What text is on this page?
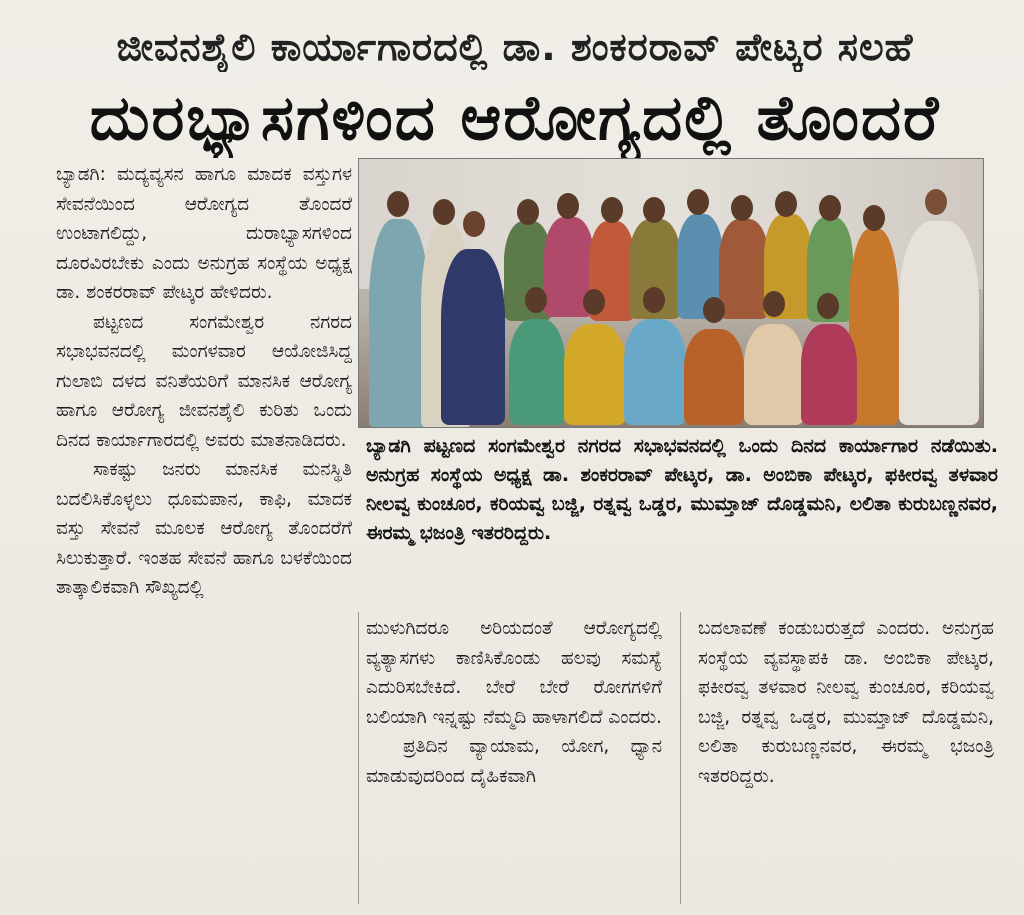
ಜೀವನಶೈಲಿ ಕಾರ್ಯಾಗಾರದಲ್ಲಿ ಡಾ. ಶಂಕರರಾವ್ ಪೇಟ್ಕರ ಸಲಹೆ
ದುರಭ್ಯಾಸಗಳಿಂದ ಆರೋಗ್ಯದಲ್ಲಿ ತೊಂದರೆ

ಬ್ಯಾಡಗಿ: ಮದ್ಯವ್ಯಸನ ಹಾಗೂ ಮಾದಕ ವಸ್ತುಗಳ ಸೇವನೆಯಿಂದ ಆರೋಗ್ಯದ ತೊಂದರೆ ಉಂಟಾಗಲಿದ್ದು, ದುರಾಭ್ಯಾಸಗಳಿಂದ ದೂರವಿರಬೇಕು ಎಂದು ಅನುಗ್ರಹ ಸಂಸ್ಥೆಯ ಅಧ್ಯಕ್ಷ ಡಾ. ಶಂಕರರಾವ್ ಪೇಟ್ಕರ ಹೇಳಿದರು.

ಪಟ್ಟಣದ ಸಂಗಮೇಶ್ವರ ನಗರದ ಸಭಾಭವನದಲ್ಲಿ ಮಂಗಳವಾರ ಆಯೋಜಿಸಿದ್ದ ಗುಲಾಬಿ ದಳದ ವನಿತೆಯರಿಗೆ ಮಾನಸಿಕ ಆರೋಗ್ಯ ಹಾಗೂ ಆರೋಗ್ಯ ಜೀವನಶೈಲಿ ಕುರಿತು ಒಂದು ದಿನದ ಕಾರ್ಯಾಗಾರದಲ್ಲಿ ಅವರು ಮಾತನಾಡಿದರು.

ಸಾಕಷ್ಟು ಜನರು ಮಾನಸಿಕ ಮನಸ್ಥಿತಿ ಬದಲಿಸಿಕೊಳ್ಳಲು ಧೂಮಪಾನ, ಕಾಫಿ, ಮಾದಕ ವಸ್ತು ಸೇವನೆ ಮೂಲಕ ಆರೋಗ್ಯ ತೊಂದರೆಗೆ ಸಿಲುಕುತ್ತಾರೆ. ಇಂತಹ ಸೇವನೆ ಹಾಗೂ ಬಳಕೆಯಿಂದ ತಾತ್ಕಾಲಿಕವಾಗಿ ಸೌಖ್ಯದಲ್ಲಿ

ಬ್ಯಾಡಗಿ ಪಟ್ಟಣದ ಸಂಗಮೇಶ್ವರ ನಗರದ ಸಭಾಭವನದಲ್ಲಿ ಒಂದು ದಿನದ ಕಾರ್ಯಾಗಾರ ನಡೆಯಿತು. ಅನುಗ್ರಹ ಸಂಸ್ಥೆಯ ಅಧ್ಯಕ್ಷ ಡಾ. ಶಂಕರರಾವ್ ಪೇಟ್ಕರ, ಡಾ. ಅಂಬಿಕಾ ಪೇಟ್ಕರ, ಫಕೀರವ್ವ ತಳವಾರ ನೀಲವ್ವ ಕುಂಚೂರ, ಕರಿಯವ್ವ ಬಜ್ಜಿ, ರತ್ನವ್ವ ಒಡ್ಡರ, ಮುಮ್ತಾಜ್ ದೊಡ್ಡಮನಿ, ಲಲಿತಾ ಕುರುಬಣ್ಣನವರ, ಈರಮ್ಮ ಭಜಂತ್ರಿ ಇತರರಿದ್ದರು.

ಮುಳುಗಿದರೂ ಅರಿಯದಂತೆ ಆರೋಗ್ಯದಲ್ಲಿ ವ್ಯತ್ಯಾಸಗಳು ಕಾಣಿಸಿಕೊಂಡು ಹಲವು ಸಮಸ್ಯೆ ಎದುರಿಸಬೇಕಿದೆ. ಬೇರೆ ಬೇರೆ ರೋಗಗಳಿಗೆ ಬಲಿಯಾಗಿ ಇನ್ನಷ್ಟು ನೆಮ್ಮದಿ ಹಾಳಾಗಲಿದೆ ಎಂದರು.

ಪ್ರತಿದಿನ ವ್ಯಾಯಾಮ, ಯೋಗ, ಧ್ಯಾನ ಮಾಡುವುದರಿಂದ ದೈಹಿಕವಾಗಿ

ಬದಲಾವಣೆ ಕಂಡುಬರುತ್ತದೆ ಎಂದರು. ಅನುಗ್ರಹ ಸಂಸ್ಥೆಯ ವ್ಯವಸ್ಥಾಪಕಿ ಡಾ. ಅಂಬಿಕಾ ಪೇಟ್ಕರ, ಫಕೀರವ್ವ ತಳವಾರ ನೀಲವ್ವ ಕುಂಚೂರ, ಕರಿಯವ್ವ ಬಜ್ಜಿ, ರತ್ನವ್ವ ಒಡ್ಡರ, ಮುಮ್ತಾಜ್ ದೊಡ್ಡಮನಿ, ಲಲಿತಾ ಕುರುಬಣ್ಣನವರ, ಈರಮ್ಮ ಭಜಂತ್ರಿ ಇತರರಿದ್ದರು.
